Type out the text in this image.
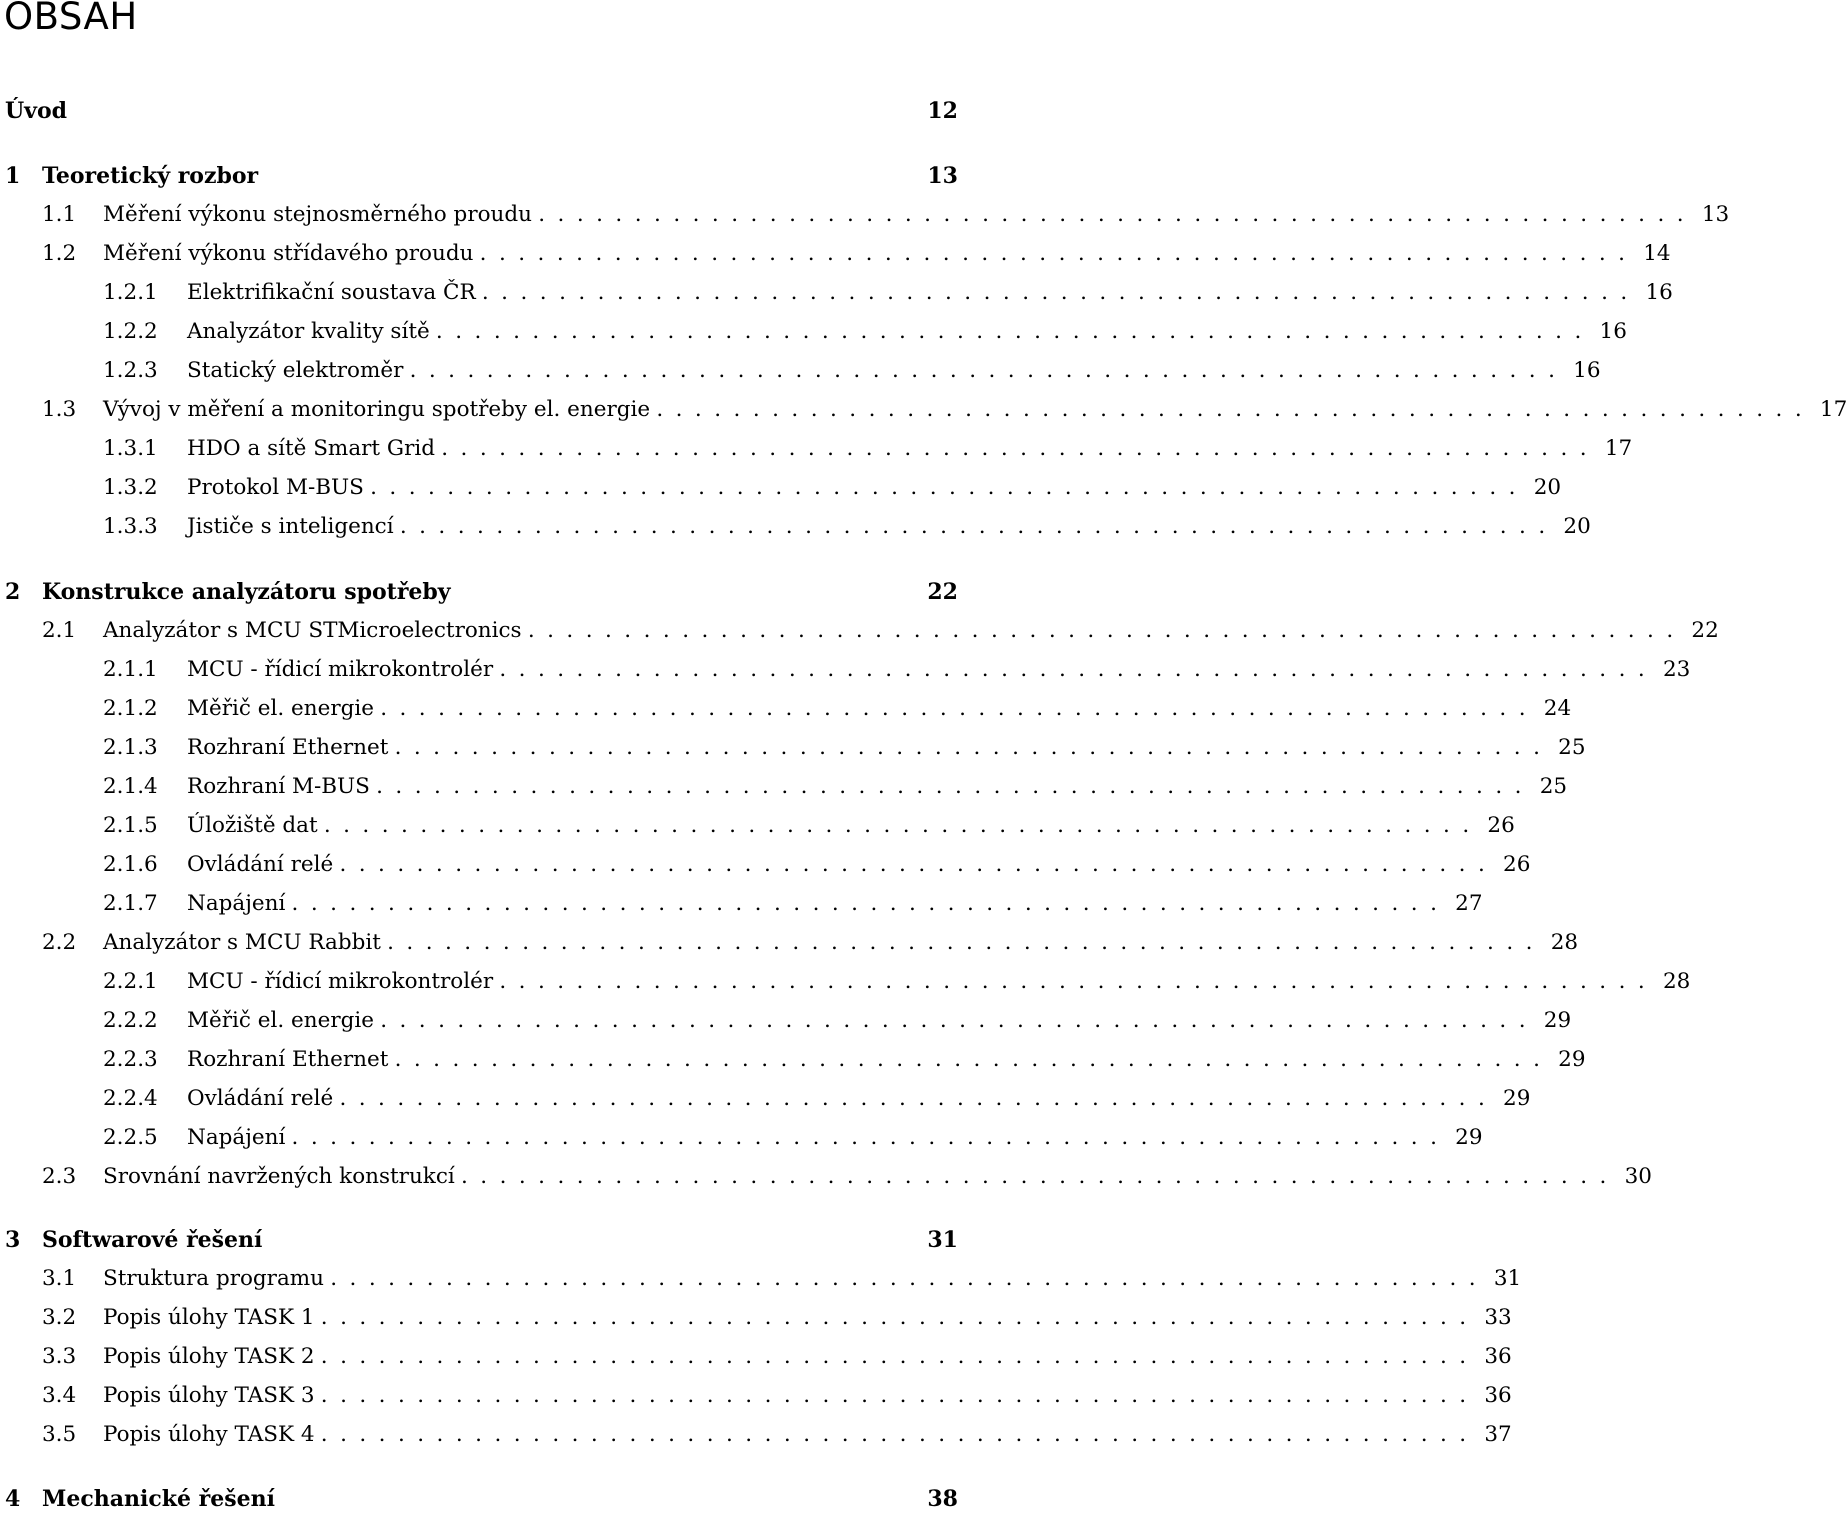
OBSAH
Úvod	12
1 Teoretický rozbor	13
1.1	Měření výkonu stejnosměrného proudu	............................................................	13
1.2	Měření výkonu střídavého proudu	............................................................	14
1.2.1	Elektrifikační soustava ČR	............................................................	16
1.2.2	Analyzátor kvality sítě	............................................................	16
1.2.3	Statický elektroměr	............................................................	16
1.3	Vývoj v měření a monitoringu spotřeby el. energie	............................................................	17
1.3.1	HDO a sítě Smart Grid	............................................................	17
1.3.2	Protokol M-BUS	............................................................	20
1.3.3	Jističe s inteligencí	............................................................	20
2 Konstrukce analyzátoru spotřeby	22
2.1	Analyzátor s MCU STMicroelectronics	............................................................	22
2.1.1	MCU - řídicí mikrokontrolér	............................................................	23
2.1.2	Měřič el. energie	............................................................	24
2.1.3	Rozhraní Ethernet	............................................................	25
2.1.4	Rozhraní M-BUS	............................................................	25
2.1.5	Úložiště dat	............................................................	26
2.1.6	Ovládání relé	............................................................	26
2.1.7	Napájení	............................................................	27
2.2	Analyzátor s MCU Rabbit	............................................................	28
2.2.1	MCU - řídicí mikrokontrolér	............................................................	28
2.2.2	Měřič el. energie	............................................................	29
2.2.3	Rozhraní Ethernet	............................................................	29
2.2.4	Ovládání relé	............................................................	29
2.2.5	Napájení	............................................................	29
2.3	Srovnání navržených konstrukcí	............................................................	30
3 Softwarové řešení	31
3.1	Struktura programu	............................................................	31
3.2	Popis úlohy TASK 1	............................................................	33
3.3	Popis úlohy TASK 2	............................................................	36
3.4	Popis úlohy TASK 3	............................................................	36
3.5	Popis úlohy TASK 4	............................................................	37
4 Mechanické řešení	38
